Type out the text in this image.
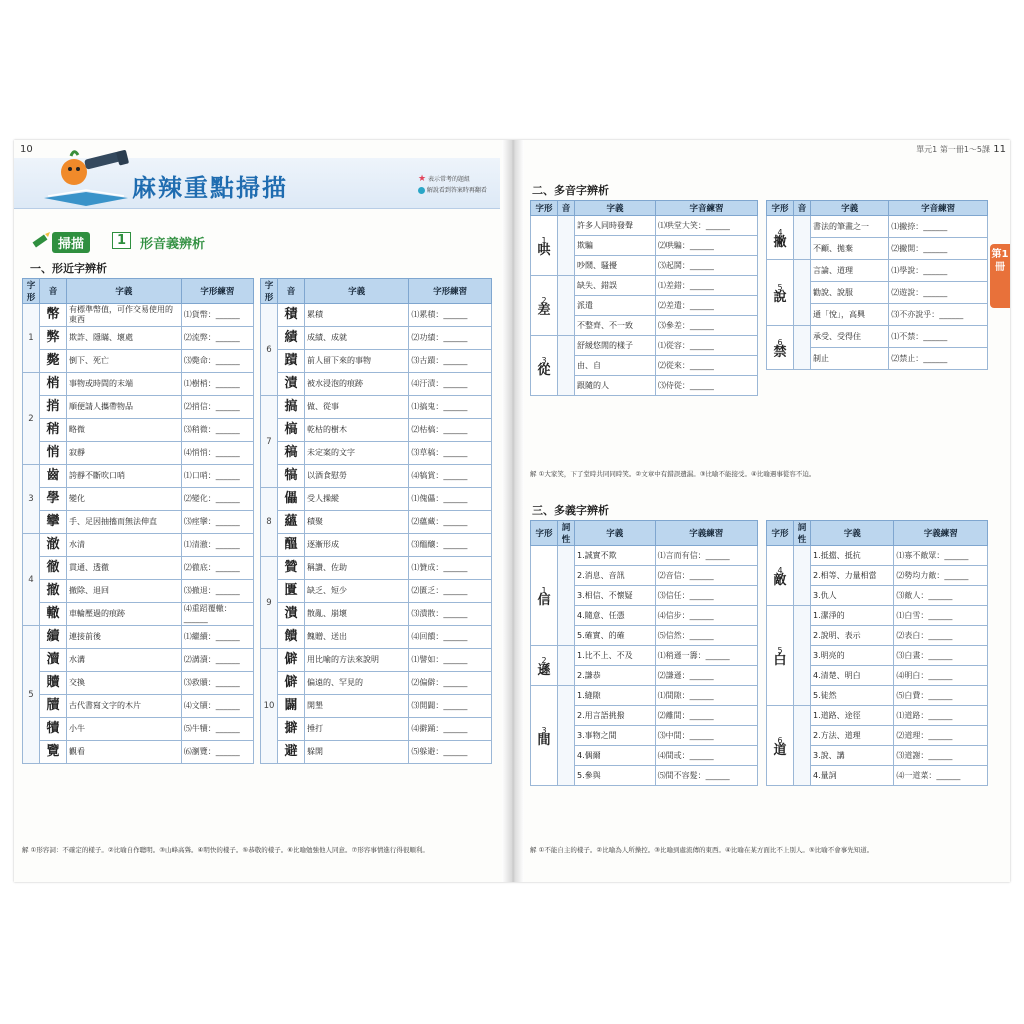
10
麻辣重點掃描	★ 表示常考的題組
解說看到答案時再翻看
掃描	1	形音義辨析
一、形近字辨析
字形	音	字義	字形練習
1	幣	有標準幣值，可作交易使用的東西	⑴貨幣：______
	弊	欺詐、隱瞞、壞處	⑵流弊：______
	斃	倒下、死亡	⑶斃命：______
2	梢	事物或時間的末端	⑴樹梢：______
	捎	順便請人攜帶物品	⑵捎信：______
	稍	略微	⑶稍微：______
	悄	寂靜	⑷悄悄：______
3	齒	誇靜不斷吹口哨	⑴口哨：______
	學	變化	⑵變化：______
	攣	手、足因抽搐而無法伸直	⑶痙攣：______
4	澈	水清	⑴清澈：______
	徹	貫通、透徹	⑵徹底：______
	撤	撤除、退回	⑶撤退：______
	轍	車輪壓過的痕跡	⑷重蹈覆轍：______
5	續	連接前後	⑴繼續：______
	瀆	水溝	⑵溝瀆：______
	贖	交換	⑶救贖：______
	牘	古代書寫文字的木片	⑷文牘：______
	犢	小牛	⑸牛犢：______
	覽	觀看	⑹瀏覽：______
字形	音	字義	字形練習
6	積	累積	⑴累積：______
	績	成績、成就	⑵功績：______
	蹟	前人留下來的事物	⑶古蹟：______
	漬	被水浸泡的痕跡	⑷汙漬：______
7	搞	做、從事	⑴搞鬼：______
	槁	乾枯的樹木	⑵枯槁：______
	稿	未定案的文字	⑶草稿：______
	犒	以酒食慰勞	⑷犒賞：______
8	儡	受人操縱	⑴傀儡：______
	蘊	積聚	⑵蘊藏：______
	醞	逐漸形成	⑶醞釀：______
9	贊	稱讚、佐助	⑴贊成：______
	匱	缺乏、短少	⑵匱乏：______
	潰	散亂、崩壞	⑶潰散：______
	饋	餽贈、送出	⑷回饋：______
10	僻	用比喻的方法來說明	⑴譬如：______
	僻	偏遠的、罕見的	⑵偏僻：______
	闢	開墾	⑶開闢：______
	擗	捶打	⑷擗踊：______
	避	躲開	⑸躲避：______
解 ①形容詞：不確定的樣子。②比喻自作聰明。③山峰高聳。④明快的樣子。⑤恭敬的樣子。⑥比喻勉強他人同意。⑦形容事情進行得很順利。
單元1 第一冊1～5課 11
第1冊
二、多音字辨析
字形	音	字義	字音練習

1
哄		許多人同時發聲	⑴哄堂大笑：______
		欺騙	⑵哄騙：______
		吵鬧、騷擾	⑶起鬨：______

2
差		缺失、錯誤	⑴差錯：______
		派遣	⑵差遣：______
		不整齊、不一致	⑶參差：______

3
從		舒緩悠閒的樣子	⑴從容：______
		由、自	⑵從來：______
		跟隨的人	⑶侍從：______
字形	音	字義	字音練習

4
撇		書法的筆畫之一	⑴撇捺：______
		不顧、拋棄	⑵撇開：______

5
說		言論、道理	⑴學說：______
		勸說、說服	⑵遊說：______
		通「悅」，高興	⑶不亦說乎：______

6
禁		承受、受得住	⑴不禁：______
		制止	⑵禁止：______
解 ①大家笑，下了堂時共同同時笑。②文章中有錯誤遺漏。③比喻不能接受。④比喻遇事從容不迫。
三、多義字辨析
字形	詞性	字義	字義練習

1
信		1.誠實不欺	⑴言而有信：______
		2.消息、音訊	⑵音信：______
		3.相信、不懷疑	⑶信任：______
		4.隨意、任憑	⑷信步：______
		5.確實、的確	⑸信然：______

2
遜		1.比不上、不及	⑴稍遜一籌：______
		2.謙恭	⑵謙遜：______

3
間		1.縫隙	⑴間隙：______
		2.用言語挑撥	⑵離間：______
		3.事物之間	⑶中間：______
		4.偶爾	⑷間或：______
		5.參與	⑸間不容髮：______
字形	詞性	字義	字義練習

4
敵		1.抵擋、抵抗	⑴寡不敵眾：______
		2.相等、力量相當	⑵勢均力敵：______
		3.仇人	⑶敵人：______

5
白		1.潔淨的	⑴白雪：______
		2.說明、表示	⑵表白：______
		3.明亮的	⑶白晝：______
		4.清楚、明白	⑷明白：______
		5.徒然	⑸白費：______

6
道		1.道路、途徑	⑴道路：______
		2.方法、道理	⑵道理：______
		3.說、講	⑶道謝：______
		4.量詞	⑷一道菜：______
解 ①不能自主的樣子。②比喻為人所操控。③比喻到處流傳的東西。④比喻在某方面比不上別人。⑤比喻不會事先知道。
